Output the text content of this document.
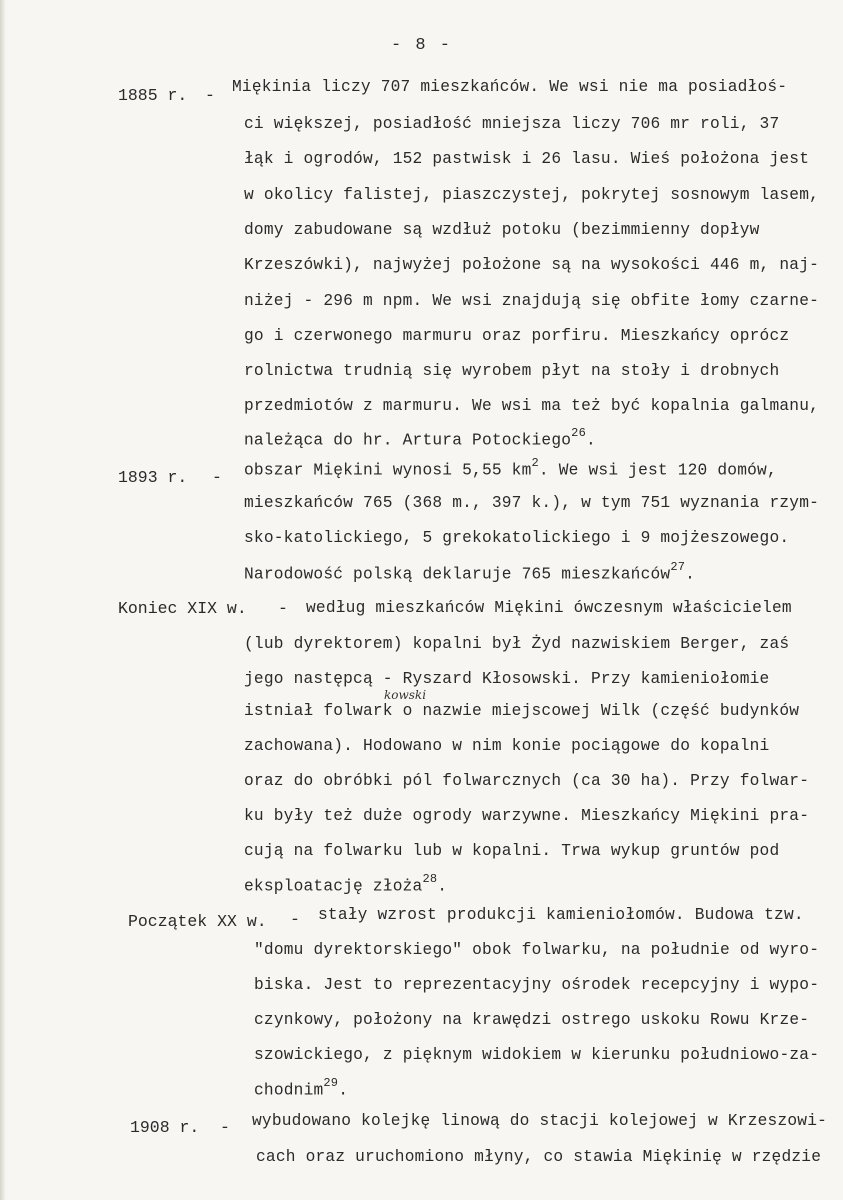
- 8 -
1885 r. - Miękinia liczy 707 mieszkańców. We wsi nie ma posiadłoś-
ci większej, posiadłość mniejsza liczy 706 mr roli, 37
łąk i ogrodów, 152 pastwisk i 26 lasu. Wieś położona jest
w okolicy falistej, piaszczystej, pokrytej sosnowym lasem,
domy zabudowane są wzdłuż potoku (bezimmienny dopływ
Krzeszówki), najwyżej położone są na wysokości 446 m, naj-
niżej - 296 m npm. We wsi znajdują się obfite łomy czarne-
go i czerwonego marmuru oraz porfiru. Mieszkańcy oprócz
rolnictwa trudnią się wyrobem płyt na stoły i drobnych
przedmiotów z marmuru. We wsi ma też być kopalnia galmanu,
należąca do hr. Artura Potockiego$^{26}$.
1893 r. - obszar Miękini wynosi 5,55 $km^2$. We wsi jest 120 domów,
mieszkańców 765 (368 m., 397 k.), w tym 751 wyznania rzym-
sko-katolickiego, 5 grekokatolickiego i 9 mojżeszowego.
Narodowość polską deklaruje 765 mieszkańców$^{27}$.
Koniec XIX w. - według mieszkańców Miękini ówczesnym właścicielem
(lub dyrektorem) kopalni był Żyd nazwiskiem Berger, zaś
jego następcą - Ryszard Kłosowski. Przy kamieniołomie
kowski
istniał folwark o nazwie miejscowej Wilk (część budynków
zachowana). Hodowano w nim konie pociągowe do kopalni
oraz do obróbki pól folwarcznych (ca 30 ha). Przy folwar-
ku były też duże ogrody warzywne. Mieszkańcy Miękini pra-
cują na folwarku lub w kopalni. Trwa wykup gruntów pod
eksploatację złoża$^{28}$.
Początek XX w. - stały wzrost produkcji kamieniołomów. Budowa tzw.
"domu dyrektorskiego" obok folwarku, na południe od wyro-
biska. Jest to reprezentacyjny ośrodek recepcyjny i wypo-
czynkowy, położony na krawędzi ostrego uskoku Rowu Krze-
szowickiego, z pięknym widokiem w kierunku południowo-za-
chodnim$^{29}$.
1908 r. - wybudowano kolejkę linową do stacji kolejowej w Krzeszowi-
cach oraz uruchomiono młyny, co stawia Miękinię w rzędzie
